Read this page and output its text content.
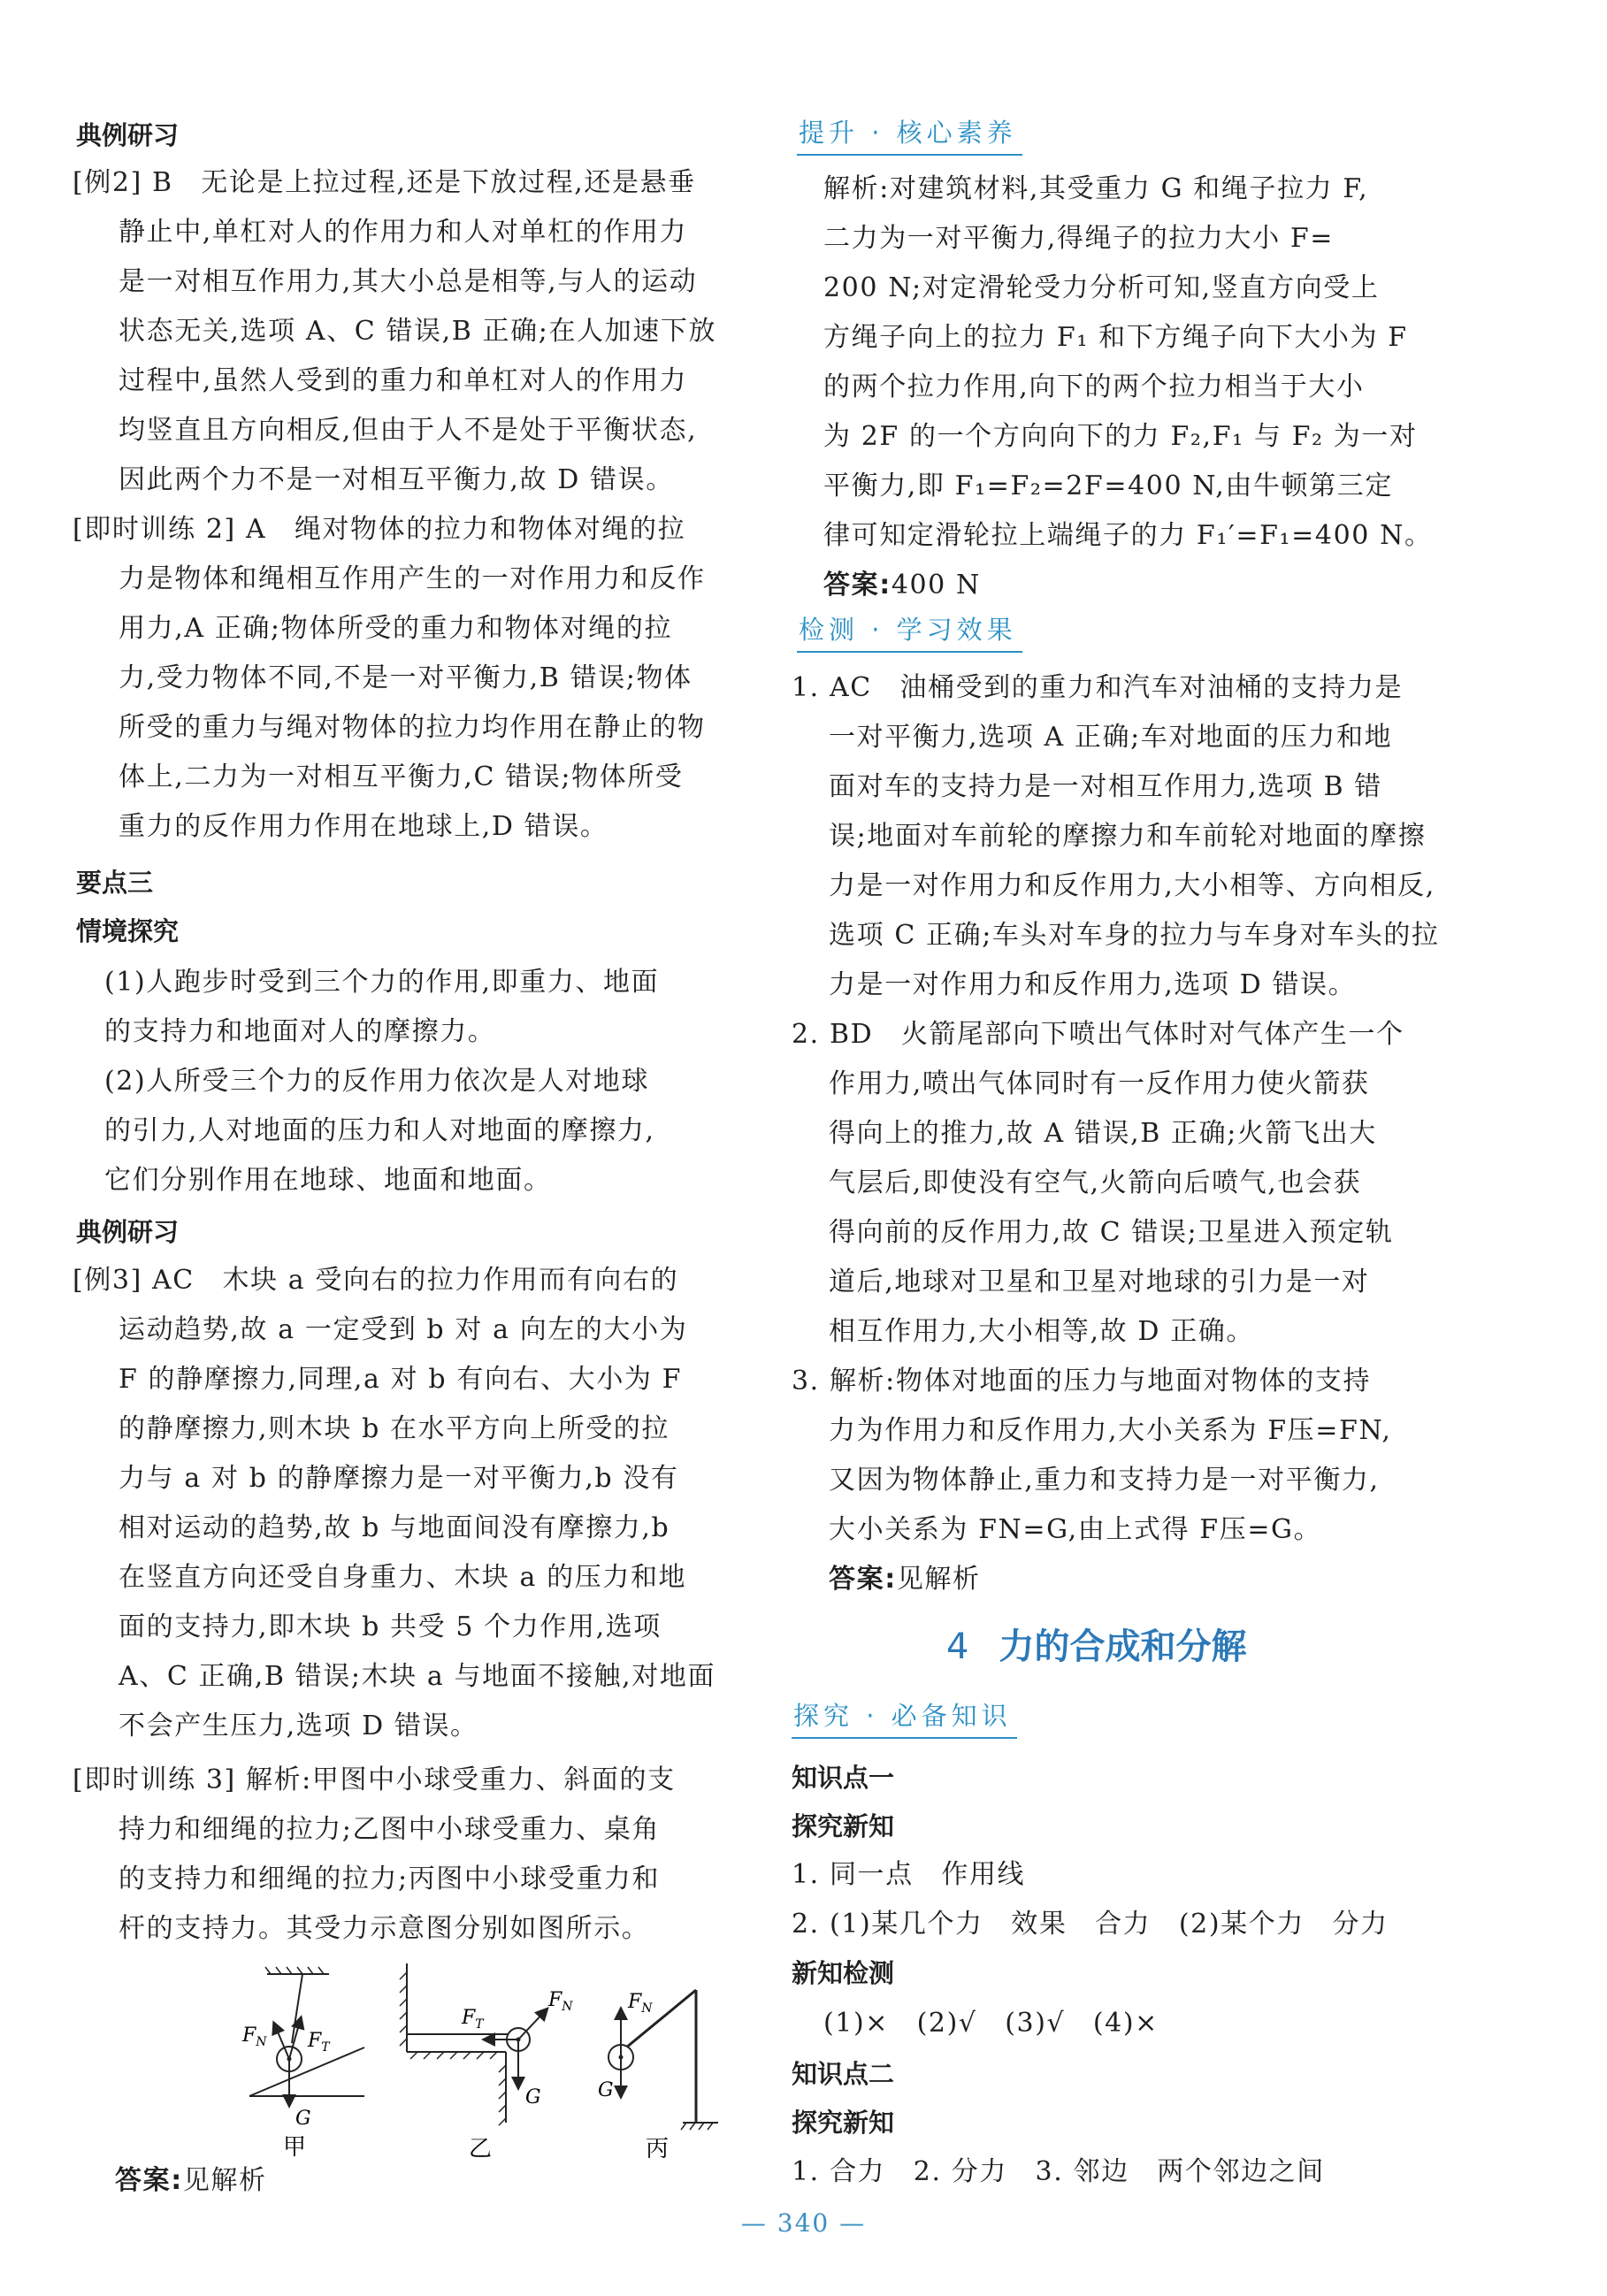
典例研习
[例2] B　无论是上拉过程,还是下放过程,还是悬垂
静止中,单杠对人的作用力和人对单杠的作用力
是一对相互作用力,其大小总是相等,与人的运动
状态无关,选项 A、C 错误,B 正确;在人加速下放
过程中,虽然人受到的重力和单杠对人的作用力
均竖直且方向相反,但由于人不是处于平衡状态,
因此两个力不是一对相互平衡力,故 D 错误。
[即时训练 2] A　绳对物体的拉力和物体对绳的拉
力是物体和绳相互作用产生的一对作用力和反作
用力,A 正确;物体所受的重力和物体对绳的拉
力,受力物体不同,不是一对平衡力,B 错误;物体
所受的重力与绳对物体的拉力均作用在静止的物
体上,二力为一对相互平衡力,C 错误;物体所受
重力的反作用力作用在地球上,D 错误。
要点三
情境探究
(1)人跑步时受到三个力的作用,即重力、地面
的支持力和地面对人的摩擦力。
(2)人所受三个力的反作用力依次是人对地球
的引力,人对地面的压力和人对地面的摩擦力,
它们分别作用在地球、地面和地面。
典例研习
[例3] AC　木块 a 受向右的拉力作用而有向右的
运动趋势,故 a 一定受到 b 对 a 向左的大小为
F 的静摩擦力,同理,a 对 b 有向右、大小为 F
的静摩擦力,则木块 b 在水平方向上所受的拉
力与 a 对 b 的静摩擦力是一对平衡力,b 没有
相对运动的趋势,故 b 与地面间没有摩擦力,b
在竖直方向还受自身重力、木块 a 的压力和地
面的支持力,即木块 b 共受 5 个力作用,选项
A、C 正确,B 错误;木块 a 与地面不接触,对地面
不会产生压力,选项 D 错误。
[即时训练 3] 解析:甲图中小球受重力、斜面的支
持力和细绳的拉力;乙图中小球受重力、桌角
的支持力和细绳的拉力;丙图中小球受重力和
杆的支持力。其受力示意图分别如图所示。
$F_N$ $F_T$
G
甲
$F_T$
$F_N$
G
乙
$F_N$
G
丙
答案:见解析
提升 · 核心素养
解析:对建筑材料,其受重力 G 和绳子拉力 F,
二力为一对平衡力,得绳子的拉力大小 F=
200 N;对定滑轮受力分析可知,竖直方向受上
方绳子向上的拉力 F₁ 和下方绳子向下大小为 F
的两个拉力作用,向下的两个拉力相当于大小
为 2F 的一个方向向下的力 F₂,F₁ 与 F₂ 为一对
平衡力,即 F₁=F₂=2F=400 N,由牛顿第三定
律可知定滑轮拉上端绳子的力 F₁′=F₁=400 N。
答案:400 N
检测 · 学习效果
1. AC　油桶受到的重力和汽车对油桶的支持力是
一对平衡力,选项 A 正确;车对地面的压力和地
面对车的支持力是一对相互作用力,选项 B 错
误;地面对车前轮的摩擦力和车前轮对地面的摩擦
力是一对作用力和反作用力,大小相等、方向相反,
选项 C 正确;车头对车身的拉力与车身对车头的拉
力是一对作用力和反作用力,选项 D 错误。
2. BD　火箭尾部向下喷出气体时对气体产生一个
作用力,喷出气体同时有一反作用力使火箭获
得向上的推力,故 A 错误,B 正确;火箭飞出大
气层后,即使没有空气,火箭向后喷气,也会获
得向前的反作用力,故 C 错误;卫星进入预定轨
道后,地球对卫星和卫星对地球的引力是一对
相互作用力,大小相等,故 D 正确。
3. 解析:物体对地面的压力与地面对物体的支持
力为作用力和反作用力,大小关系为 F压=FN,
又因为物体静止,重力和支持力是一对平衡力,
大小关系为 FN=G,由上式得 F压=G。
答案:见解析
4 力的合成和分解
探究 · 必备知识
知识点一
探究新知
1. 同一点　作用线
2. (1)某几个力　效果　合力　(2)某个力　分力
新知检测
(1)×　(2)√　(3)√　(4)×
知识点二
探究新知
1. 合力　2. 分力　3. 邻边　两个邻边之间
— 340 —
